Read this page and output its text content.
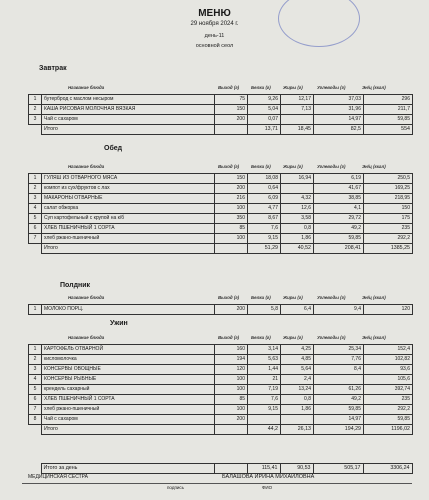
МЕНЮ
29 ноября 2024 г.
день-11
основной сеол
Завтрак
Название блюда	Выход (г)	Белки (г)	Жиры (г)	Углеводы (г)	Эн/ц (ккал)
1	бутерброд с маслом несыром	75	9,26	12,17	37,03	296
2	КАША РИСОВАЯ МОЛОЧНАЯ ВЯЗКАЯ	150	5,04	7,13	31,96	211,7
3	Чай с сахаром	200	0,07		14,97	59,85
	Итого		13,71	18,45	82,5	554
Обед
Название блюда	Выход (г)	Белки (г)	Жиры (г)	Углеводы (г)	Эн/ц (ккал)
1	ГУЛЯШ ИЗ ОТВАРНОГО МЯСА	150	18,08	16,94	6,19	250,5
2	компот из сух/фруктов с лах	200	0,64		41,67	169,25
3	МАКАРОНЫ ОТВАРНЫЕ	216	6,09	4,32	38,85	218,95
4	салат обжорка	100	4,77	12,6	4,1	150
5	Суп картофельный с крупой на к/б	350	8,67	3,58	29,72	175
6	ХЛЕБ ПШЕНИЧНЫЙ 1 СОРТА	85	7,6	0,8	49,2	235
7	хлеб ржано-пшеничный	100	9,15	1,86	59,85	292,2
	Итого		51,29	40,52	208,41	1385,25
Полдник
Название блюда	Выход (г)	Белки (г)	Жиры (г)	Углеводы (г)	Эн/ц (ккал)
1	МОЛОКО ПОРЦ.	200	5,8	6,4	9,4	120
Ужин
Название блюда	Выход (г)	Белки (г)	Жиры (г)	Углеводы (г)	Эн/ц (ккал)
1	КАРТОФЕЛЬ ОТВАРНОЙ	160	3,14	4,25	25,34	152,4
2	кисломолочка	194	5,63	4,85	7,76	102,82
3	КОНСЕРВЫ ОВОЩНЫЕ	120	1,44	5,64	8,4	93,6
4	КОНСЕРВЫ РЫБНЫЕ	100	21	2,4		105,6
5	крендель сахарный	100	7,19	13,24	61,26	392,74
6	ХЛЕБ ПШЕНИЧНЫЙ 1 СОРТА	85	7,6	0,8	49,2	235
7	хлеб ржано-пшеничный	100	9,15	1,86	59,85	292,2
8	Чай с сахаром	200			14,97	59,85
	Итого		44,2	26,13	194,29	1196,02
	Итого за день		115,41	90,53	505,17	3306,24
МЕДИЦИНСКАЯ СЕСТРА	БАЛАШОВА ИРИНА МИХАЙЛОВНА
подпись	ФИО
